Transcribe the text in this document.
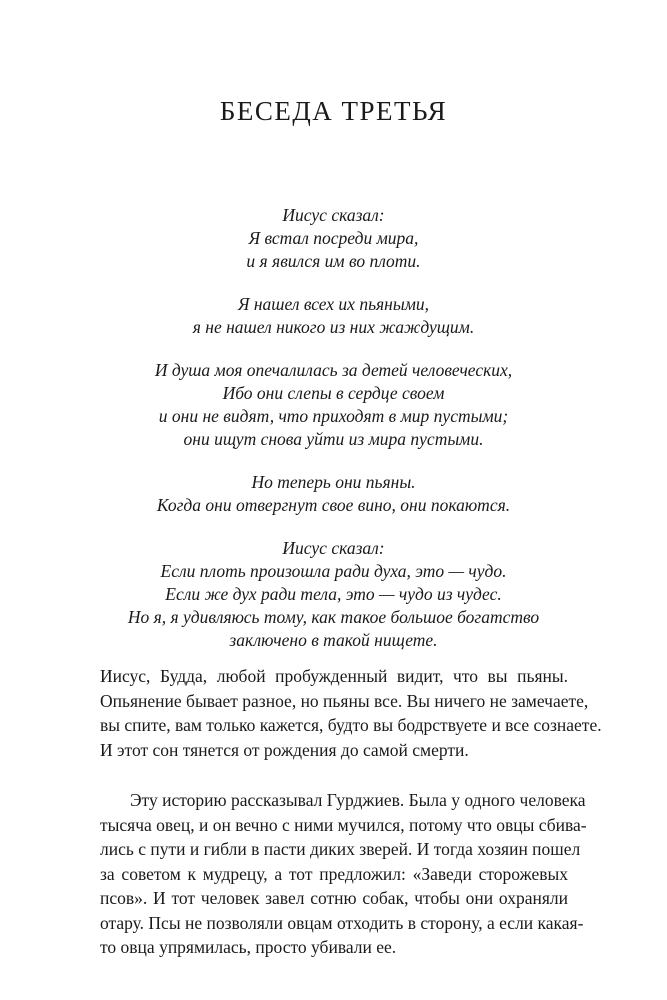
БЕСЕДА ТРЕТЬЯ
Иисус сказал:
Я встал посреди мира,
и я явился им во плоти.
Я нашел всех их пьяными,
я не нашел никого из них жаждущим.
И душа моя опечалилась за детей человеческих,
Ибо они слепы в сердце своем
и они не видят, что приходят в мир пустыми;
они ищут снова уйти из мира пустыми.
Но теперь они пьяны.
Когда они отвергнут свое вино, они покаются.
Иисус сказал:
Если плоть произошла ради духа, это — чудо.
Если же дух ради тела, это — чудо из чудес.
Но я, я удивляюсь тому, как такое большое богатство
заключено в такой нищете.
Иисус, Будда, любой пробужденный видит, что вы пьяны.
Опьянение бывает разное, но пьяны все. Вы ничего не замечаете,
вы спите, вам только кажется, будто вы бодрствуете и все сознаете.
И этот сон тянется от рождения до самой смерти.
Эту историю рассказывал Гурджиев. Была у одного человека
тысяча овец, и он вечно с ними мучился, потому что овцы сбива-
лись с пути и гибли в пасти диких зверей. И тогда хозяин пошел
за советом к мудрецу, а тот предложил: «Заведи сторожевых
псов». И тот человек завел сотню собак, чтобы они охраняли
отару. Псы не позволяли овцам отходить в сторону, а если какая-
то овца упрямилась, просто убивали ее.
